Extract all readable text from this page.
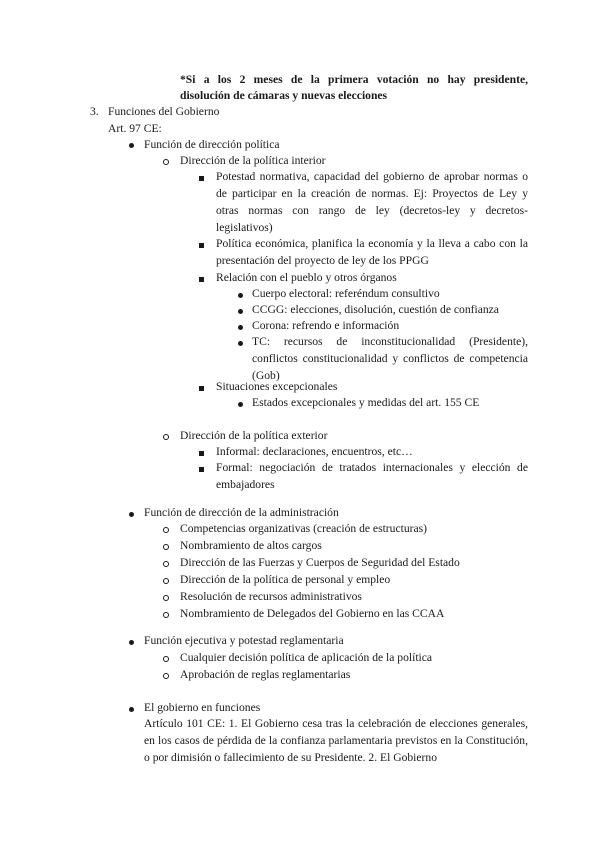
*Si a los 2 meses de la primera votación no hay presidente,
disolución de cámaras y nuevas elecciones
3. Funciones del Gobierno
Art. 97 CE:
Función de dirección política
Dirección de la política interior
Potestad normativa, capacidad del gobierno de aprobar normas o de participar en la creación de normas. Ej: Proyectos de Ley y otras normas con rango de ley (decretos-ley y decretos-legislativos)
Política económica, planifica la economía y la lleva a cabo con la presentación del proyecto de ley de los PPGG
Relación con el pueblo y otros órganos
Cuerpo electoral: referéndum consultivo
CCGG: elecciones, disolución, cuestión de confianza
Corona: refrendo e información
TC: recursos de inconstitucionalidad (Presidente), conflictos constitucionalidad y conflictos de competencia (Gob)
Situaciones excepcionales
Estados excepcionales y medidas del art. 155 CE
Dirección de la política exterior
Informal: declaraciones, encuentros, etc…
Formal: negociación de tratados internacionales y elección de embajadores
Función de dirección de la administración
Competencias organizativas (creación de estructuras)
Nombramiento de altos cargos
Dirección de las Fuerzas y Cuerpos de Seguridad del Estado
Dirección de la política de personal y empleo
Resolución de recursos administrativos
Nombramiento de Delegados del Gobierno en las CCAA
Función ejecutiva y potestad reglamentaria
Cualquier decisión política de aplicación de la política
Aprobación de reglas reglamentarias
El gobierno en funciones
Artículo 101 CE: 1. El Gobierno cesa tras la celebración de elecciones generales, en los casos de pérdida de la confianza parlamentaria previstos en la Constitución, o por dimisión o fallecimiento de su Presidente. 2. El Gobierno
